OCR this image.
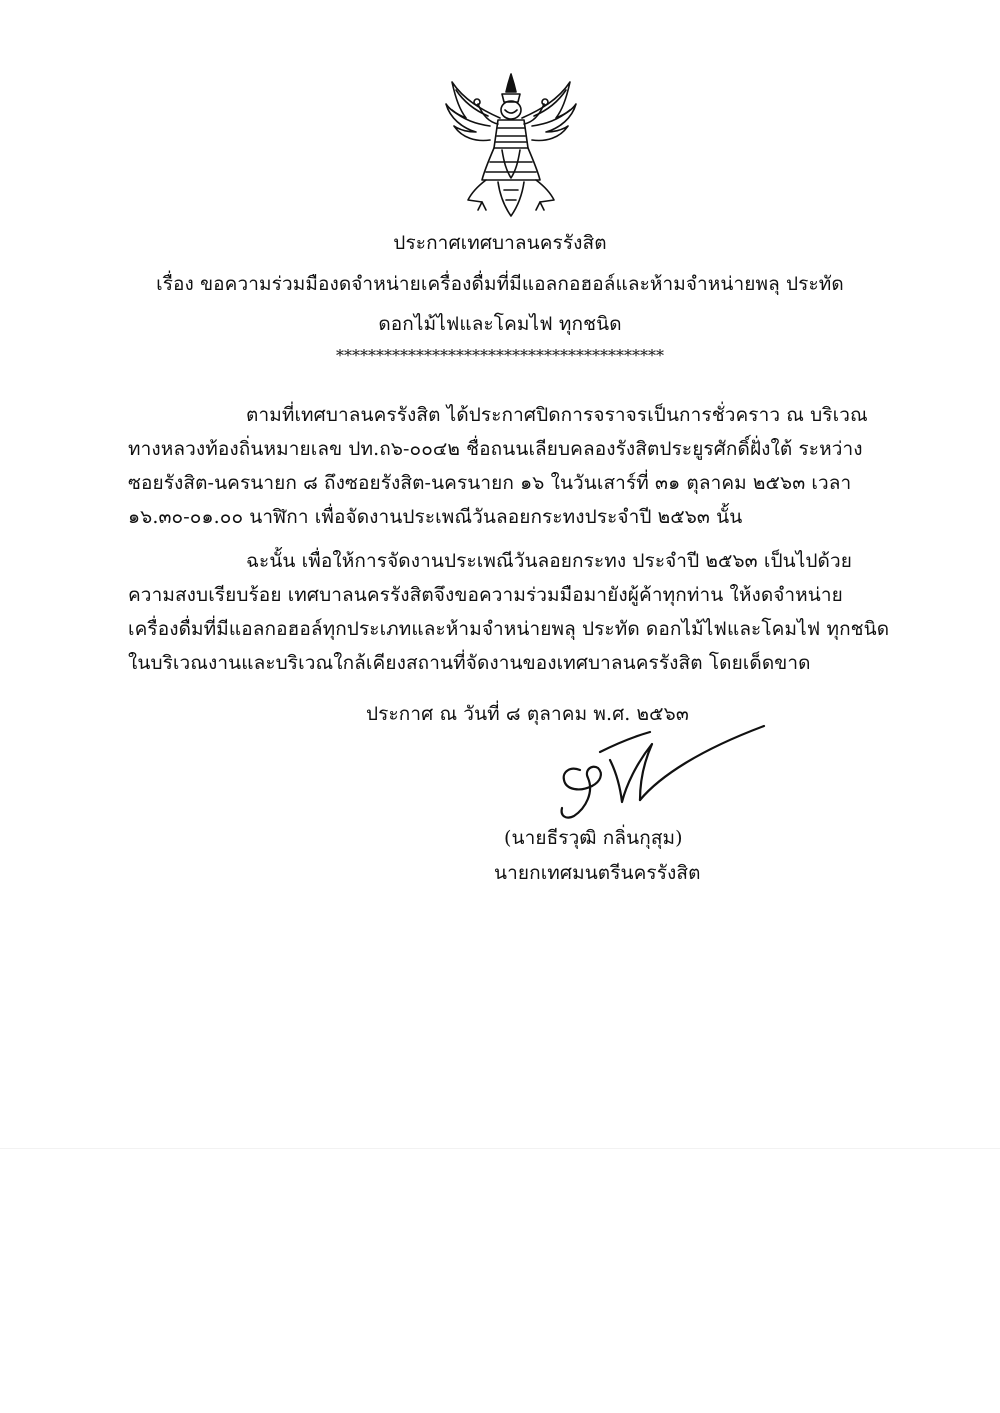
ประกาศเทศบาลนครรังสิต
เรื่อง ขอความร่วมมืองดจำหน่ายเครื่องดื่มที่มีแอลกอฮอล์และห้ามจำหน่ายพลุ ประทัด
ดอกไม้ไฟและโคมไฟ ทุกชนิด
*****************************************
ตามที่เทศบาลนครรังสิต ได้ประกาศปิดการจราจรเป็นการชั่วคราว ณ บริเวณ
ทางหลวงท้องถิ่นหมายเลข ปท.ถ๖-๐๐๔๒ ชื่อถนนเลียบคลองรังสิตประยูรศักดิ์ฝั่งใต้ ระหว่าง
ซอยรังสิต-นครนายก ๘ ถึงซอยรังสิต-นครนายก ๑๖ ในวันเสาร์ที่ ๓๑ ตุลาคม ๒๕๖๓ เวลา
๑๖.๓๐-๐๑.๐๐ นาฬิกา เพื่อจัดงานประเพณีวันลอยกระทงประจำปี ๒๕๖๓ นั้น
ฉะนั้น เพื่อให้การจัดงานประเพณีวันลอยกระทง ประจำปี ๒๕๖๓ เป็นไปด้วย
ความสงบเรียบร้อย เทศบาลนครรังสิตจึงขอความร่วมมือมายังผู้ค้าทุกท่าน ให้งดจำหน่าย
เครื่องดื่มที่มีแอลกอฮอล์ทุกประเภทและห้ามจำหน่ายพลุ ประทัด ดอกไม้ไฟและโคมไฟ ทุกชนิด
ในบริเวณงานและบริเวณใกล้เคียงสถานที่จัดงานของเทศบาลนครรังสิต โดยเด็ดขาด
ประกาศ ณ วันที่ ๘ ตุลาคม พ.ศ. ๒๕๖๓
(นายธีรวุฒิ กลิ่นกุสุม)
นายกเทศมนตรีนครรังสิต
